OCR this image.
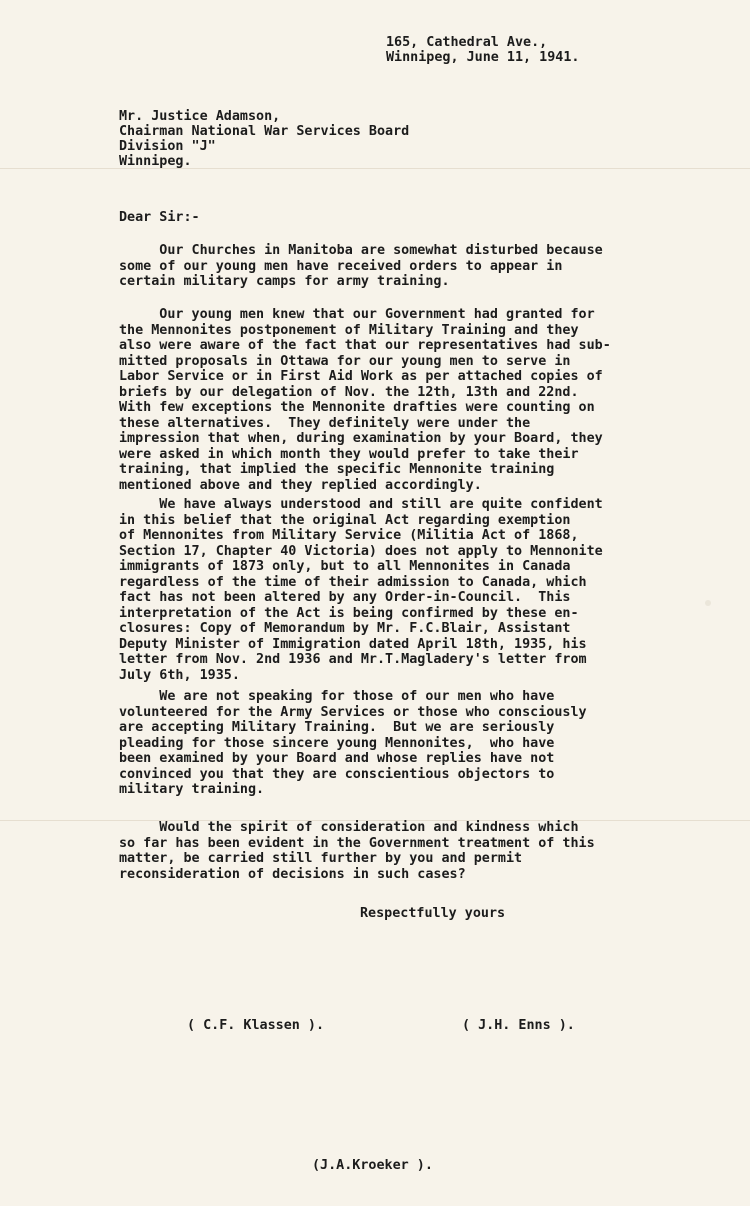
165, Cathedral Ave.,
Winnipeg, June 11, 1941.
Mr. Justice Adamson,
Chairman National War Services Board
Division "J"
Winnipeg.
Dear Sir:-
Our Churches in Manitoba are somewhat disturbed because
some of our young men have received orders to appear in
certain military camps for army training.
Our young men knew that our Government had granted for
the Mennonites postponement of Military Training and they
also were aware of the fact that our representatives had sub-
mitted proposals in Ottawa for our young men to serve in
Labor Service or in First Aid Work as per attached copies of
briefs by our delegation of Nov. the 12th, 13th and 22nd.
With few exceptions the Mennonite drafties were counting on
these alternatives.  They definitely were under the
impression that when, during examination by your Board, they
were asked in which month they would prefer to take their
training, that implied the specific Mennonite training
mentioned above and they replied accordingly.
We have always understood and still are quite confident
in this belief that the original Act regarding exemption
of Mennonites from Military Service (Militia Act of 1868,
Section 17, Chapter 40 Victoria) does not apply to Mennonite
immigrants of 1873 only, but to all Mennonites in Canada
regardless of the time of their admission to Canada, which
fact has not been altered by any Order-in-Council.  This
interpretation of the Act is being confirmed by these en-
closures: Copy of Memorandum by Mr. F.C.Blair, Assistant
Deputy Minister of Immigration dated April 18th, 1935, his
letter from Nov. 2nd 1936 and Mr.T.Magladery's letter from
July 6th, 1935.
We are not speaking for those of our men who have
volunteered for the Army Services or those who consciously
are accepting Military Training.  But we are seriously
pleading for those sincere young Mennonites,  who have
been examined by your Board and whose replies have not
convinced you that they are conscientious objectors to
military training.
Would the spirit of consideration and kindness which
so far has been evident in the Government treatment of this
matter, be carried still further by you and permit
reconsideration of decisions in such cases?
Respectfully yours
( C.F. Klassen ).	( J.H. Enns ).
(J.A.Kroeker ).
